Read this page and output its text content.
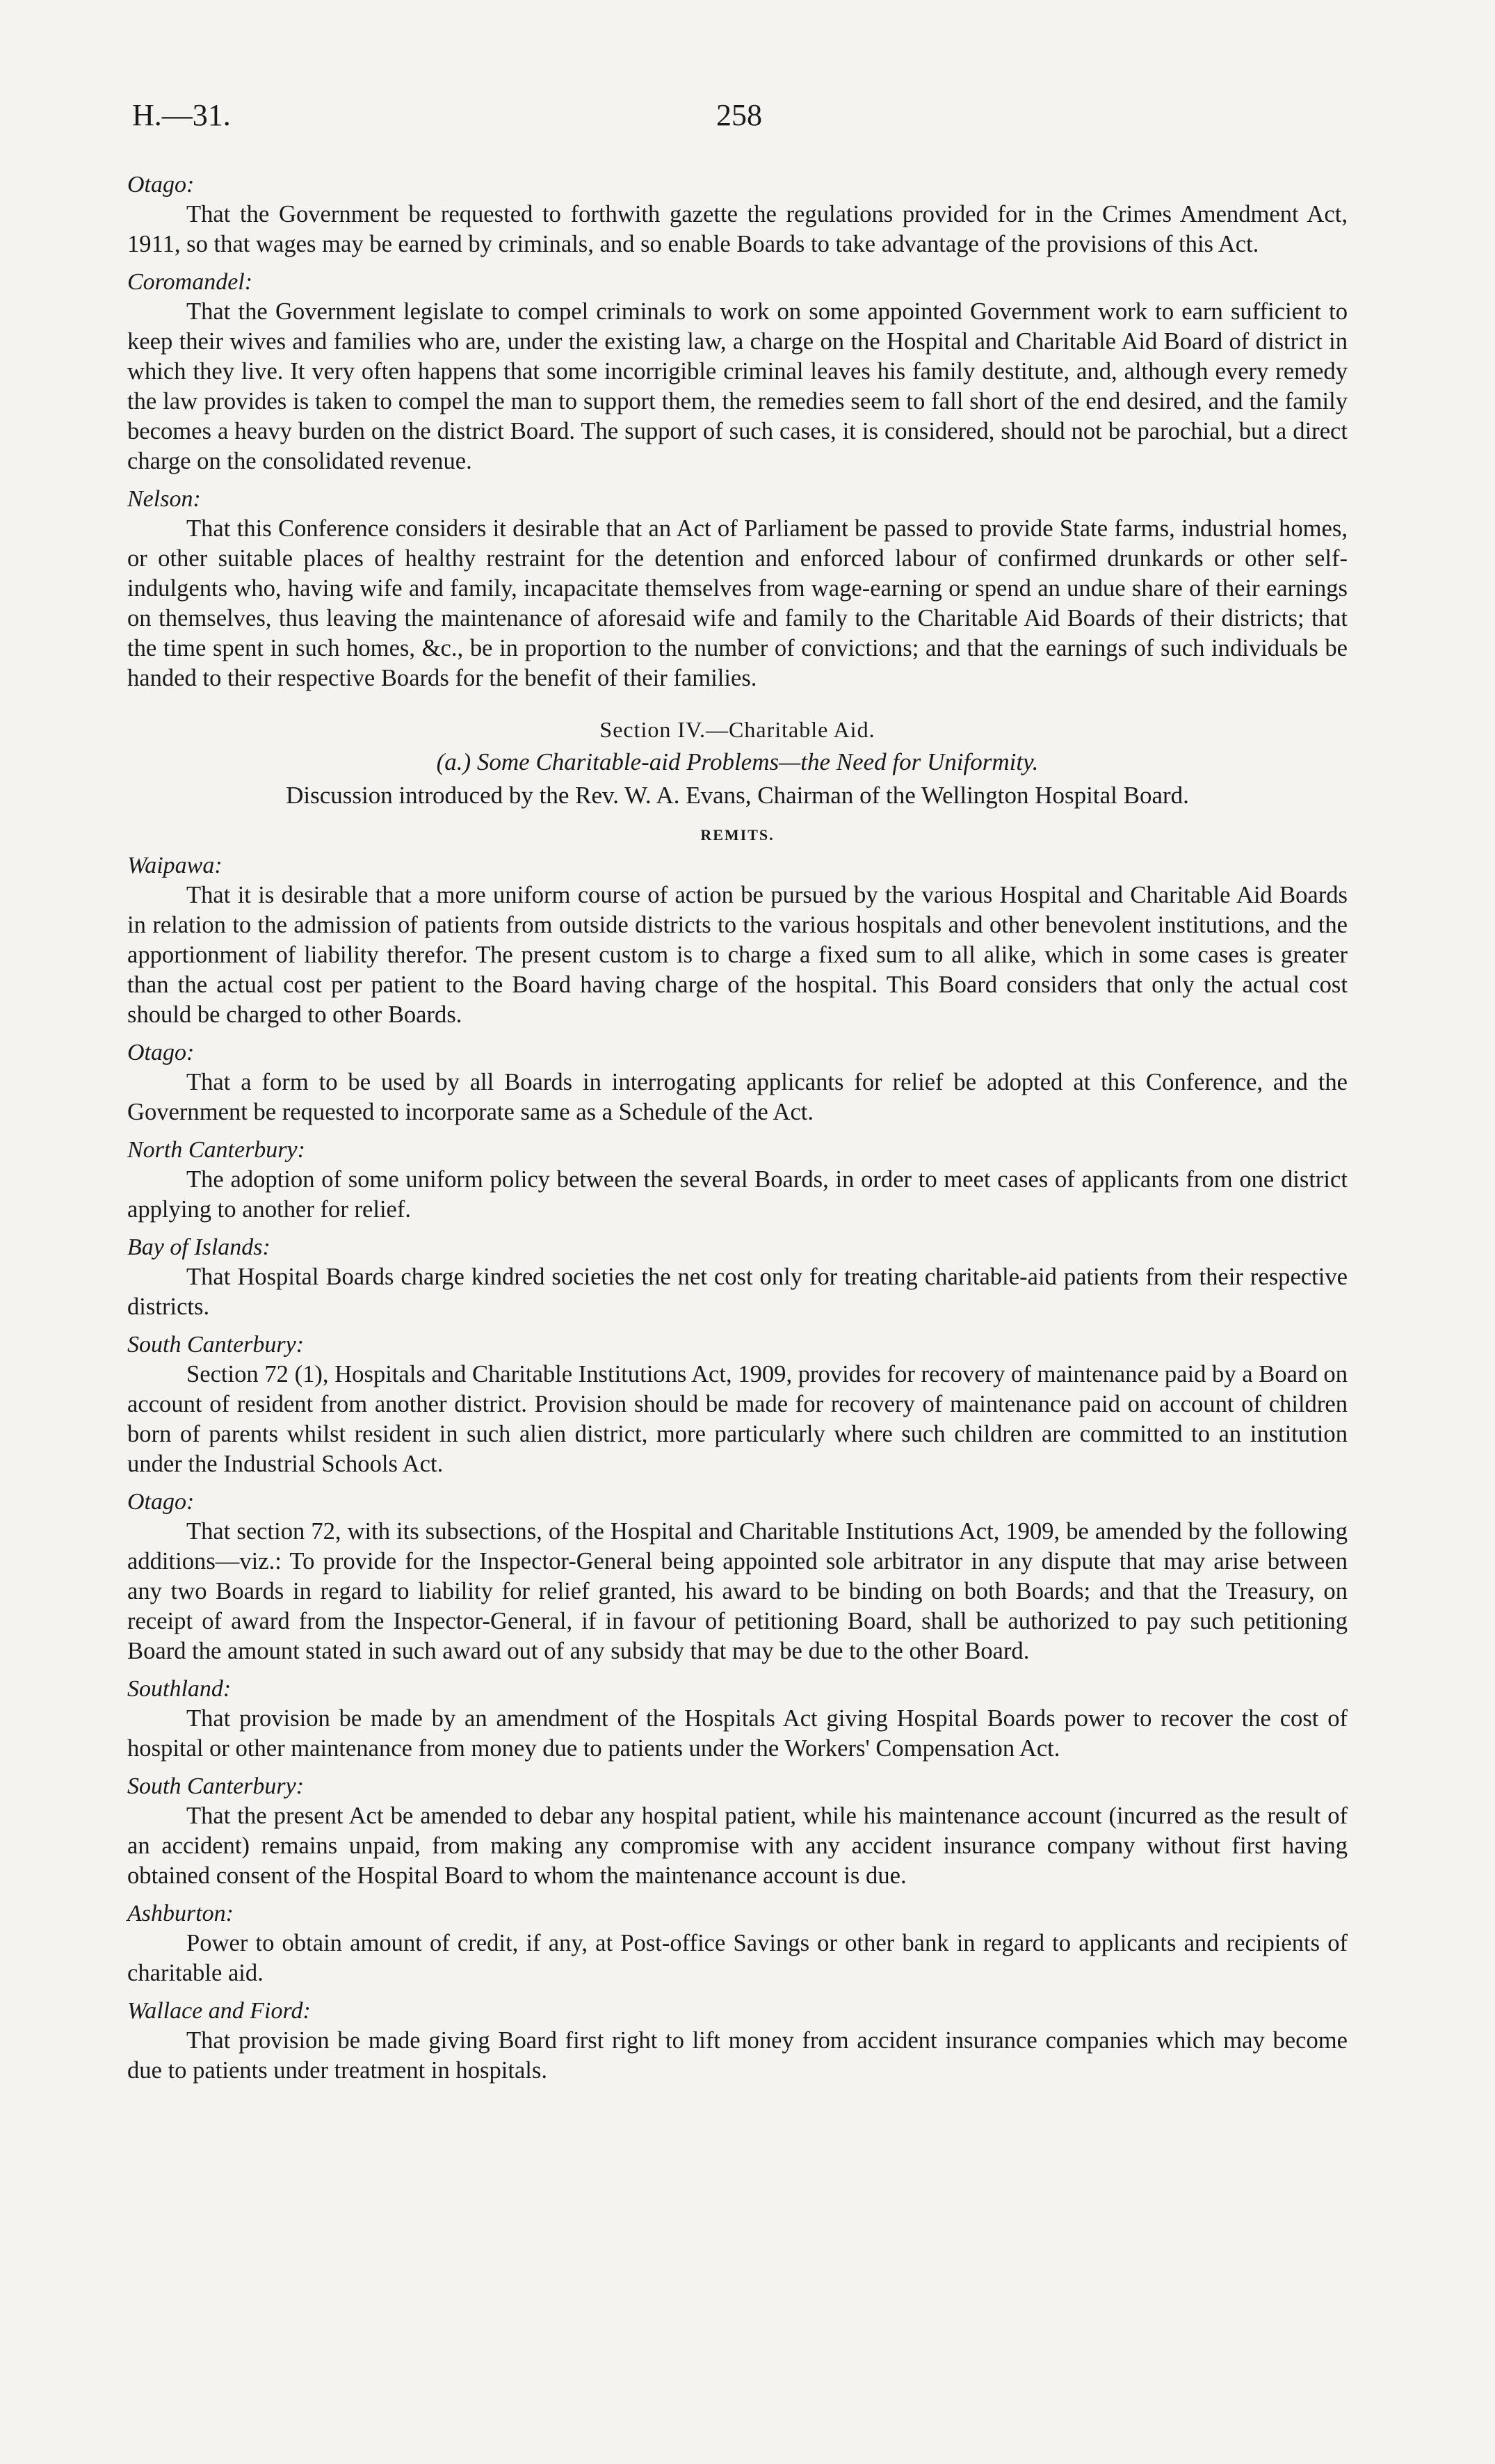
H.—31.	258
Otago:

That the Government be requested to forthwith gazette the regulations provided for in the Crimes Amendment Act, 1911, so that wages may be earned by criminals, and so enable Boards to take advantage of the provisions of this Act.

Coromandel:

That the Government legislate to compel criminals to work on some appointed Government work to earn sufficient to keep their wives and families who are, under the existing law, a charge on the Hospital and Charitable Aid Board of district in which they live. It very often happens that some incorrigible criminal leaves his family destitute, and, although every remedy the law provides is taken to compel the man to support them, the remedies seem to fall short of the end desired, and the family becomes a heavy burden on the district Board. The support of such cases, it is considered, should not be parochial, but a direct charge on the consolidated revenue.

Nelson:

That this Conference considers it desirable that an Act of Parliament be passed to provide State farms, industrial homes, or other suitable places of healthy restraint for the detention and enforced labour of confirmed drunkards or other self-indulgents who, having wife and family, incapacitate themselves from wage-earning or spend an undue share of their earnings on themselves, thus leaving the maintenance of aforesaid wife and family to the Charitable Aid Boards of their districts; that the time spent in such homes, &c., be in proportion to the number of convictions; and that the earnings of such individuals be handed to their respective Boards for the benefit of their families.

Section IV.—Charitable Aid.
(a.) Some Charitable-aid Problems—the Need for Uniformity.
Discussion introduced by the Rev. W. A. Evans, Chairman of the Wellington Hospital Board.
REMITS.
Waipawa:

That it is desirable that a more uniform course of action be pursued by the various Hospital and Charitable Aid Boards in relation to the admission of patients from outside districts to the various hospitals and other benevolent institutions, and the apportionment of liability therefor. The present custom is to charge a fixed sum to all alike, which in some cases is greater than the actual cost per patient to the Board having charge of the hospital. This Board considers that only the actual cost should be charged to other Boards.

Otago:

That a form to be used by all Boards in interrogating applicants for relief be adopted at this Conference, and the Government be requested to incorporate same as a Schedule of the Act.

North Canterbury:

The adoption of some uniform policy between the several Boards, in order to meet cases of applicants from one district applying to another for relief.

Bay of Islands:

That Hospital Boards charge kindred societies the net cost only for treating charitable-aid patients from their respective districts.

South Canterbury:

Section 72 (1), Hospitals and Charitable Institutions Act, 1909, provides for recovery of maintenance paid by a Board on account of resident from another district. Provision should be made for recovery of maintenance paid on account of children born of parents whilst resident in such alien district, more particularly where such children are committed to an institution under the Industrial Schools Act.

Otago:

That section 72, with its subsections, of the Hospital and Charitable Institutions Act, 1909, be amended by the following additions—viz.: To provide for the Inspector-General being appointed sole arbitrator in any dispute that may arise between any two Boards in regard to liability for relief granted, his award to be binding on both Boards; and that the Treasury, on receipt of award from the Inspector-General, if in favour of petitioning Board, shall be authorized to pay such petitioning Board the amount stated in such award out of any subsidy that may be due to the other Board.

Southland:

That provision be made by an amendment of the Hospitals Act giving Hospital Boards power to recover the cost of hospital or other maintenance from money due to patients under the Workers' Compensation Act.

South Canterbury:

That the present Act be amended to debar any hospital patient, while his maintenance account (incurred as the result of an accident) remains unpaid, from making any compromise with any accident insurance company without first having obtained consent of the Hospital Board to whom the maintenance account is due.

Ashburton:

Power to obtain amount of credit, if any, at Post-office Savings or other bank in regard to applicants and recipients of charitable aid.

Wallace and Fiord:

That provision be made giving Board first right to lift money from accident insurance companies which may become due to patients under treatment in hospitals.
